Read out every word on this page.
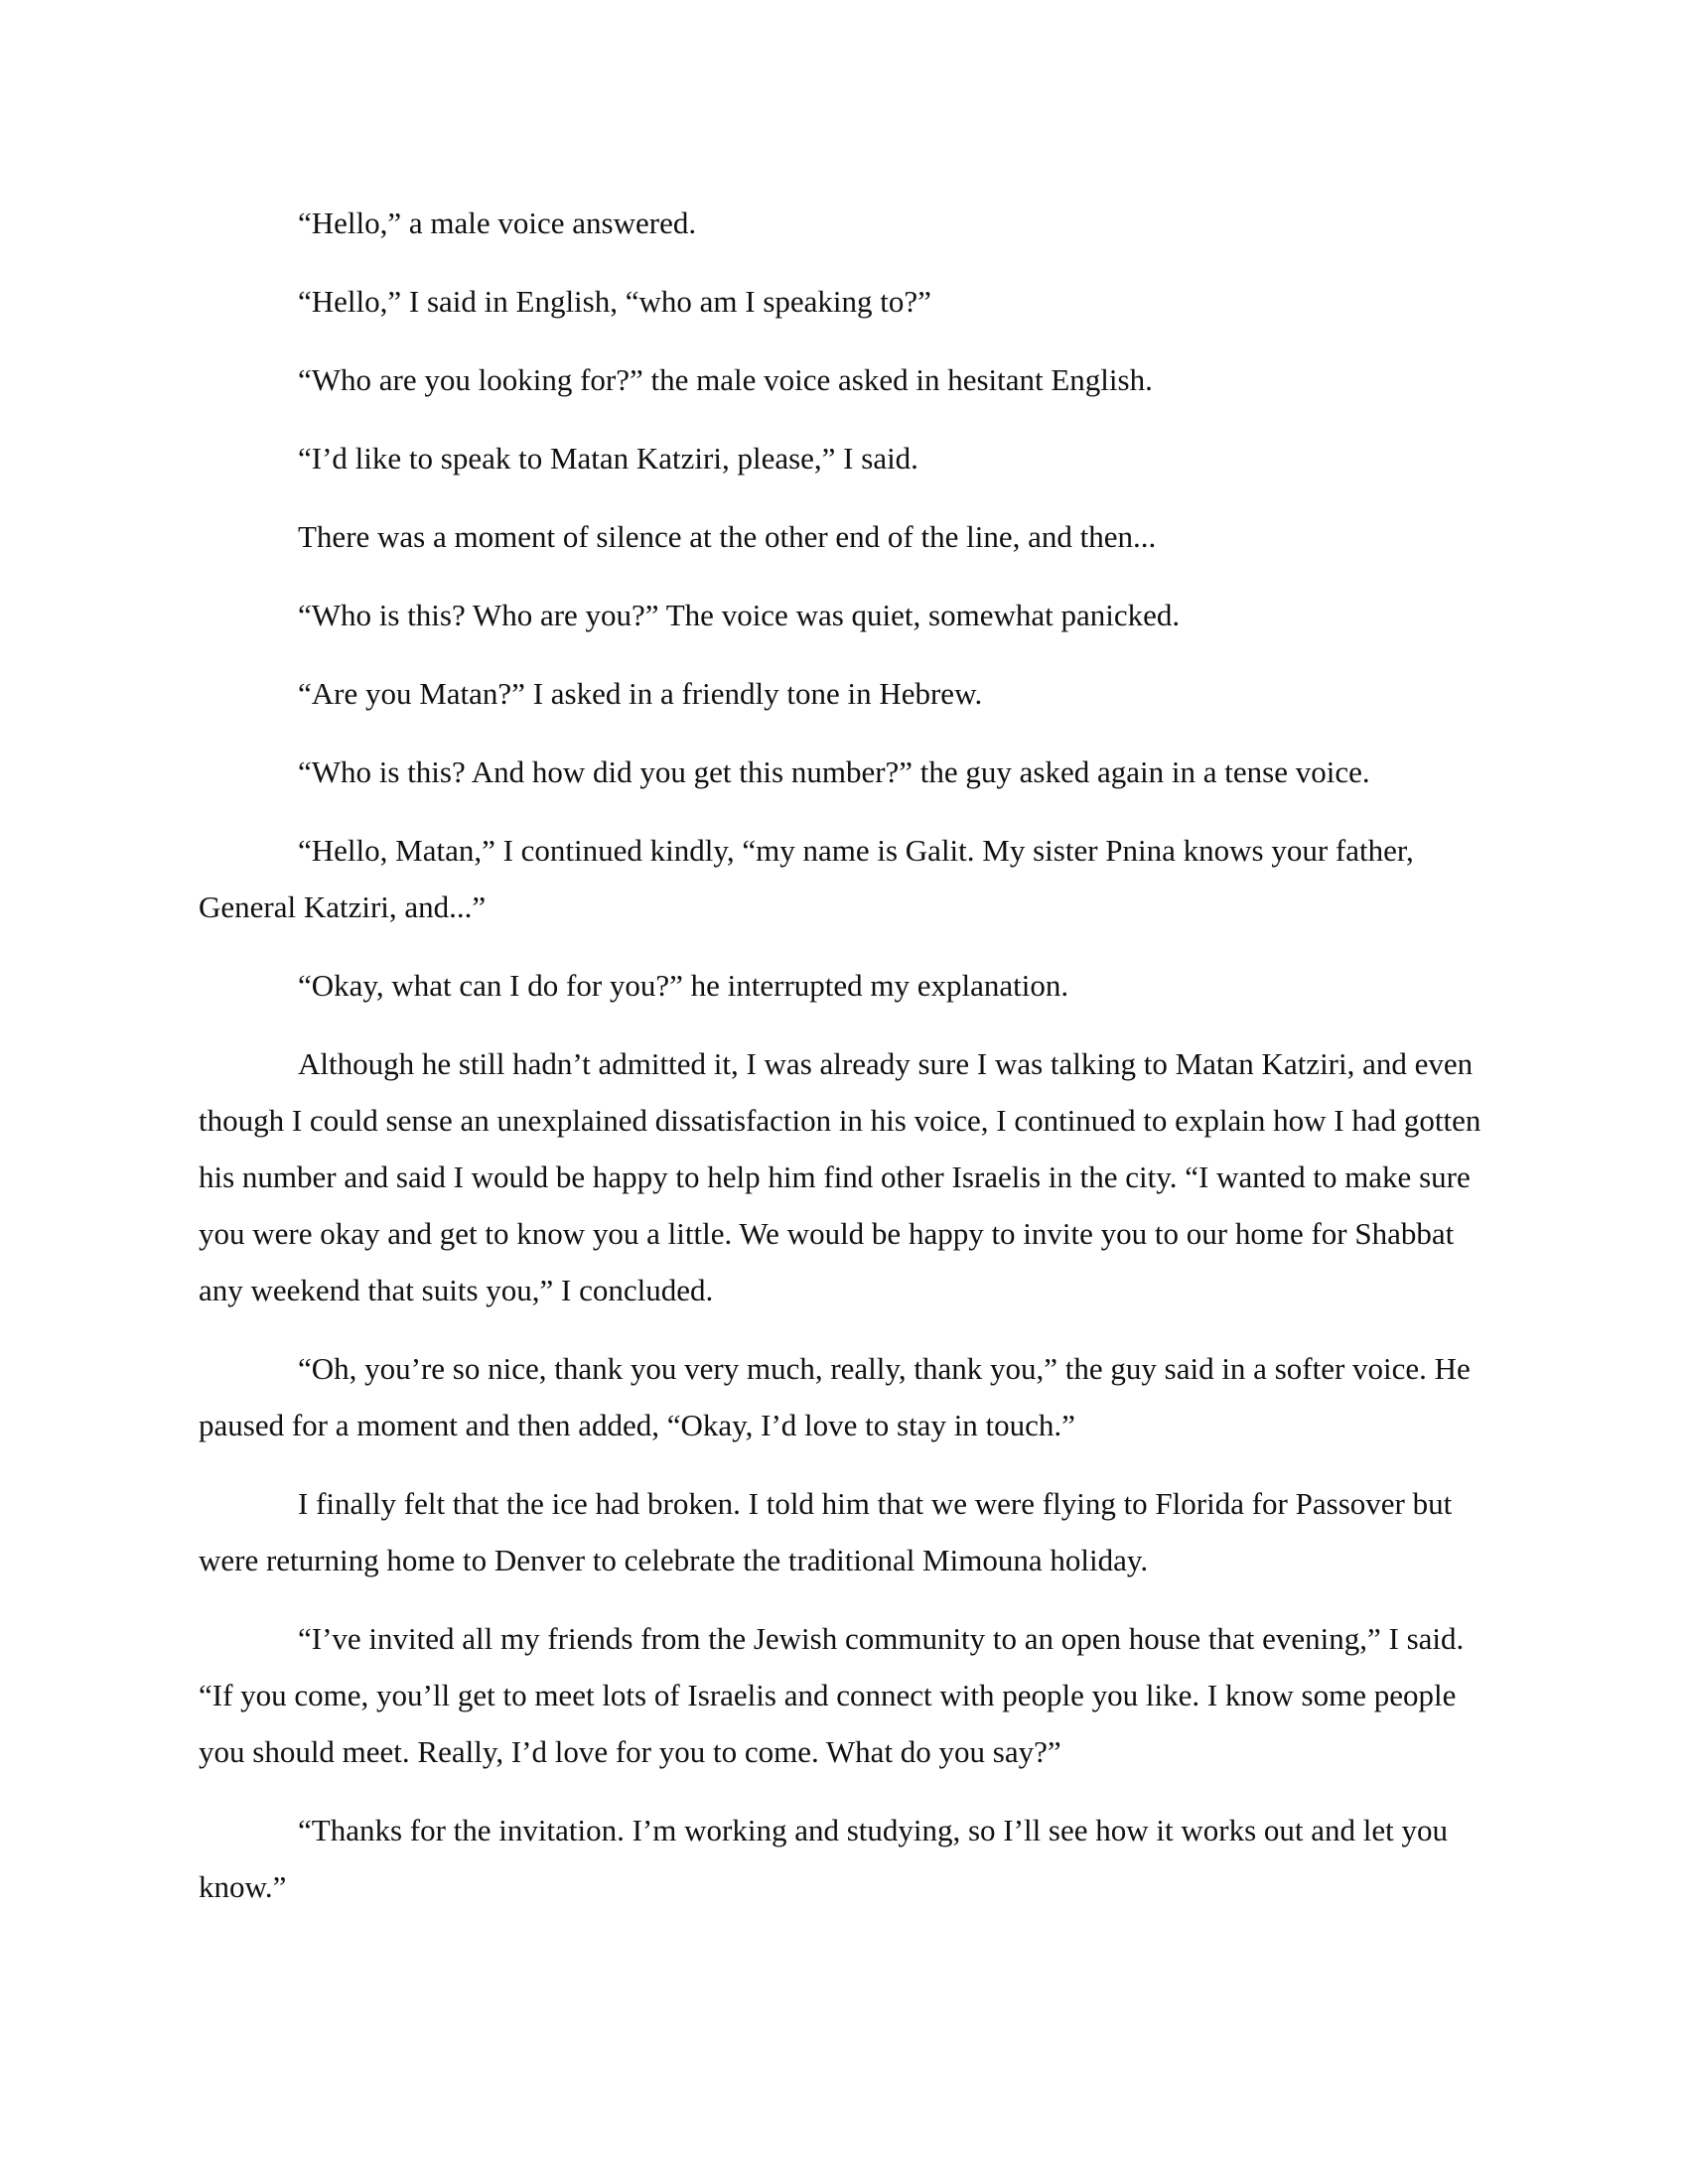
“Hello,” a male voice answered.

“Hello,” I said in English, “who am I speaking to?”

“Who are you looking for?” the male voice asked in hesitant English.

“I’d like to speak to Matan Katziri, please,” I said.

There was a moment of silence at the other end of the line, and then...

“Who is this? Who are you?” The voice was quiet, somewhat panicked.

“Are you Matan?” I asked in a friendly tone in Hebrew.

“Who is this? And how did you get this number?” the guy asked again in a tense voice.

“Hello, Matan,” I continued kindly, “my name is Galit. My sister Pnina knows your father, General Katziri, and...”

“Okay, what can I do for you?” he interrupted my explanation.

Although he still hadn’t admitted it, I was already sure I was talking to Matan Katziri, and even though I could sense an unexplained dissatisfaction in his voice, I continued to explain how I had gotten his number and said I would be happy to help him find other Israelis in the city. “I wanted to make sure you were okay and get to know you a little. We would be happy to invite you to our home for Shabbat any weekend that suits you,” I concluded.

“Oh, you’re so nice, thank you very much, really, thank you,” the guy said in a softer voice. He paused for a moment and then added, “Okay, I’d love to stay in touch.”

I finally felt that the ice had broken. I told him that we were flying to Florida for Passover but were returning home to Denver to celebrate the traditional Mimouna holiday.

“I’ve invited all my friends from the Jewish community to an open house that evening,” I said. “If you come, you’ll get to meet lots of Israelis and connect with people you like. I know some people you should meet. Really, I’d love for you to come. What do you say?”

“Thanks for the invitation. I’m working and studying, so I’ll see how it works out and let you know.”
